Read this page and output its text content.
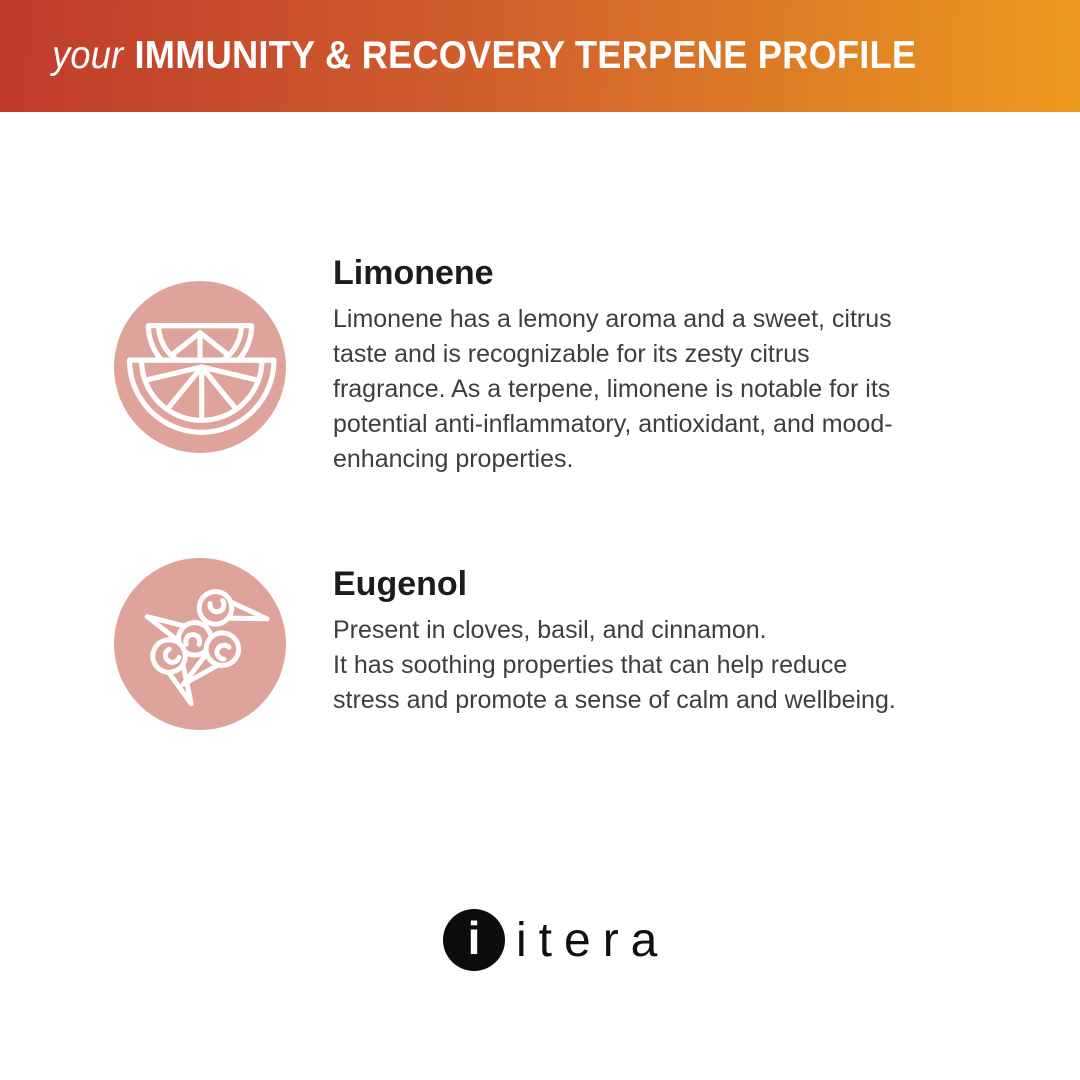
your IMMUNITY & RECOVERY TERPENE PROFILE
Limonene
Limonene has a lemony aroma and a sweet, citrus
taste and is recognizable for its zesty citrus
fragrance. As a terpene, limonene is notable for its
potential anti-inflammatory, antioxidant, and mood-
enhancing properties.
Eugenol
Present in cloves, basil, and cinnamon.
It has soothing properties that can help reduce
stress and promote a sense of calm and wellbeing.
i itera
